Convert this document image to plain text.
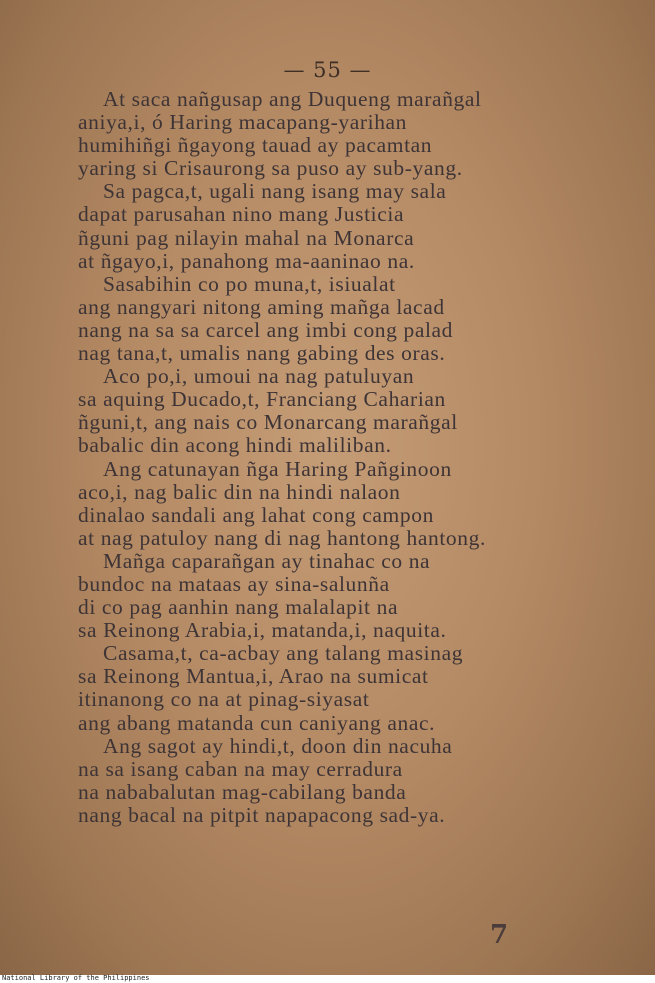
— 55 —
At saca nañgusap ang Duqueng marañgal
aniya,i, ó Haring macapang-yarihan
humihiñgi ñgayong tauad ay pacamtan
yaring si Crisaurong sa puso ay sub-yang.
Sa pagca,t, ugali nang isang may sala
dapat parusahan nino mang Justicia
ñguni pag nilayin mahal na Monarca
at ñgayo,i, panahong ma-aaninao na.
Sasabihin co po muna,t, isiualat
ang nangyari nitong aming mañga lacad
nang na sa sa carcel ang imbi cong palad
nag tana,t, umalis nang gabing des oras.
Aco po,i, umoui na nag patuluyan
sa aquing Ducado,t, Franciang Caharian
ñguni,t, ang nais co Monarcang marañgal
babalic din acong hindi maliliban.
Ang catunayan ñga Haring Pañginoon
aco,i, nag balic din na hindi nalaon
dinalao sandali ang lahat cong campon
at nag patuloy nang di nag hantong hantong.
Mañga caparañgan ay tinahac co na
bundoc na mataas ay sina-salunña
di co pag aanhin nang malalapit na
sa Reinong Arabia,i, matanda,i, naquita.
Casama,t, ca-acbay ang talang masinag
sa Reinong Mantua,i, Arao na sumicat
itinanong co na at pinag-siyasat
ang abang matanda cun caniyang anac.
Ang sagot ay hindi,t, doon din nacuha
na sa isang caban na may cerradura
na nababalutan mag-cabilang banda
nang bacal na pitpit napapacong sad-ya.
7
National Library of the Philippines
